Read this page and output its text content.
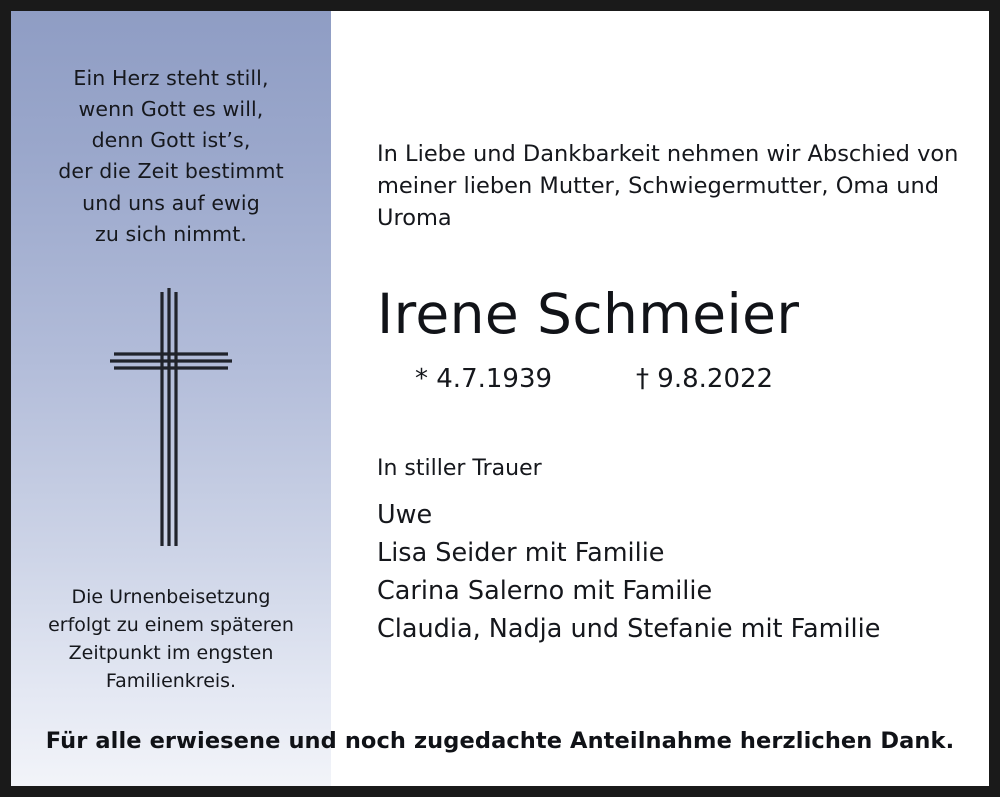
Ein Herz steht still,
wenn Gott es will,
denn Gott ist’s,
der die Zeit bestimmt
und uns auf ewig
zu sich nimmt.
Die Urnenbeisetzung
erfolgt zu einem späteren
Zeitpunkt im engsten
Familienkreis.
In Liebe und Dankbarkeit nehmen wir Abschied von
meiner lieben Mutter, Schwiegermutter, Oma und
Uroma
Irene Schmeier
* 4.7.1939	† 9.8.2022
In stiller Trauer
Uwe
Lisa Seider mit Familie
Carina Salerno mit Familie
Claudia, Nadja und Stefanie mit Familie
Für alle erwiesene und noch zugedachte Anteilnahme herzlichen Dank.
